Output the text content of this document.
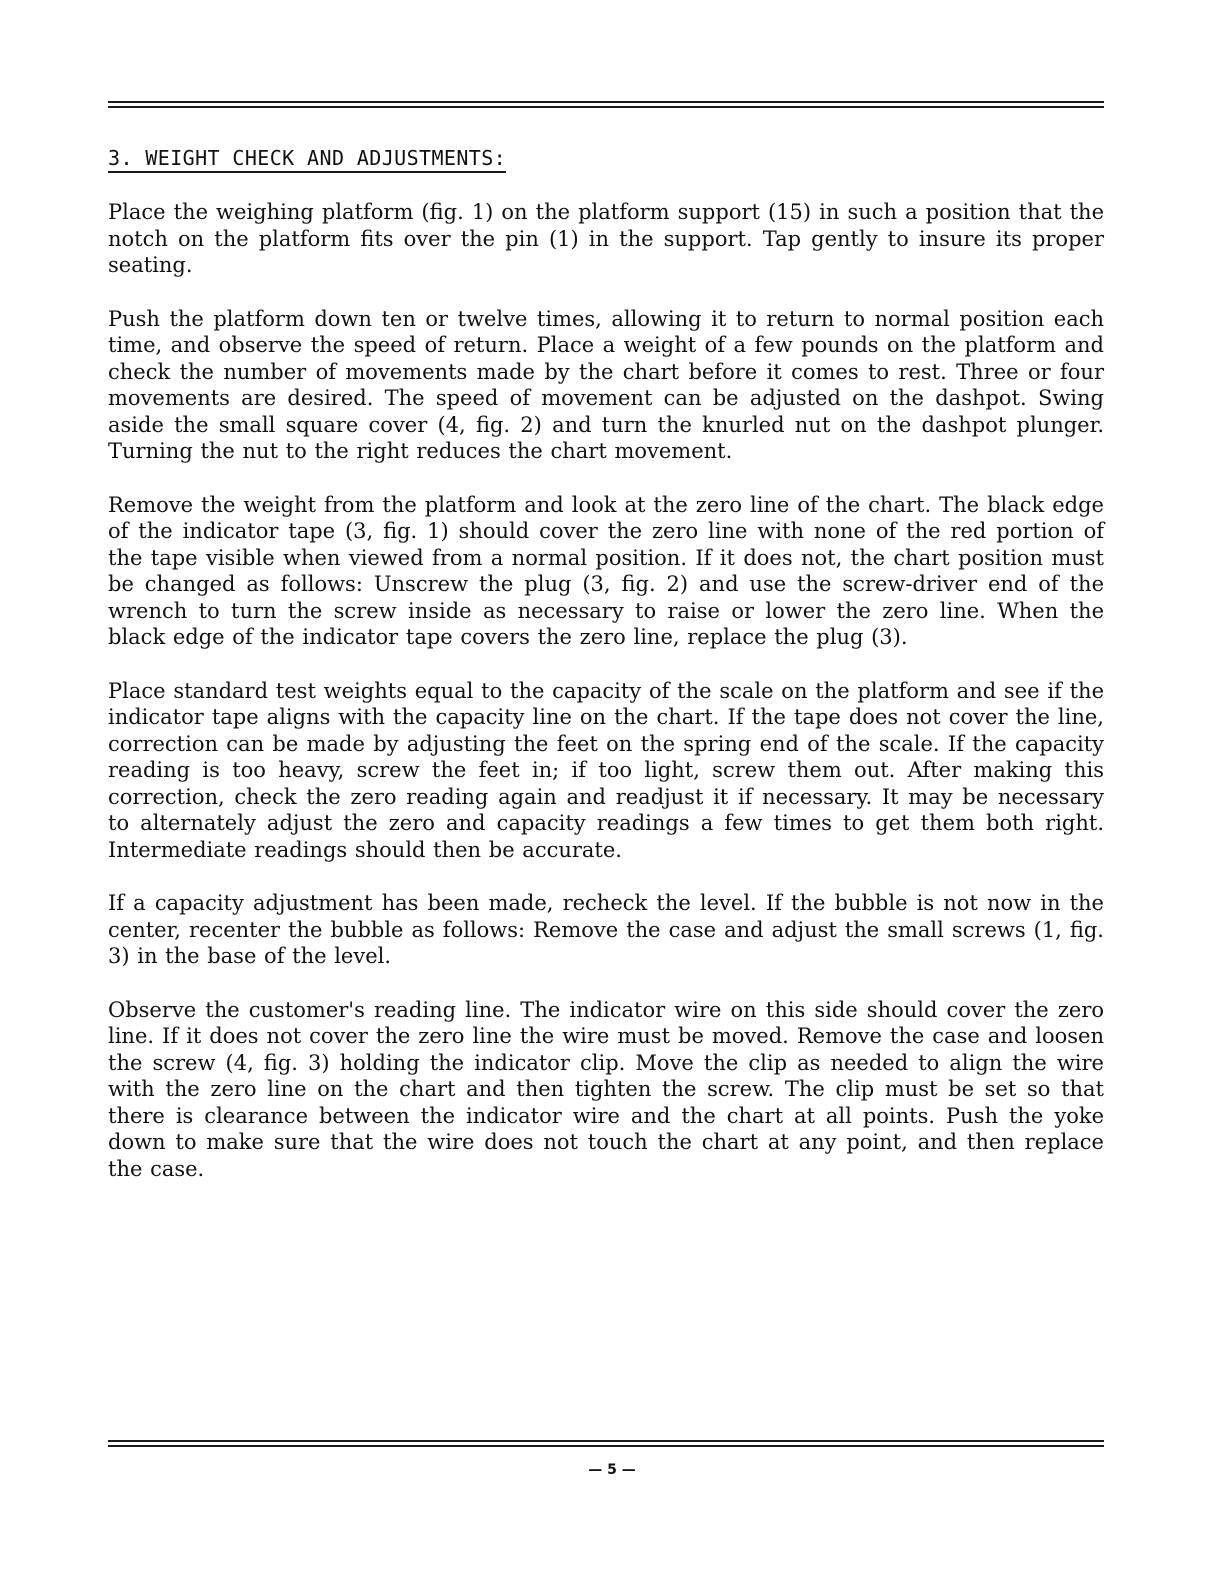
3. WEIGHT CHECK AND ADJUSTMENTS:

Place the weighing platform (fig. 1) on the platform support (15) in such a position that the notch on the platform fits over the pin (1) in the support. Tap gently to insure its proper seating.

Push the platform down ten or twelve times, allowing it to return to normal position each time, and observe the speed of return. Place a weight of a few pounds on the platform and check the number of movements made by the chart before it comes to rest. Three or four movements are desired. The speed of movement can be adjusted on the dashpot. Swing aside the small square cover (4, fig. 2) and turn the knurled nut on the dashpot plunger. Turning the nut to the right reduces the chart movement.

Remove the weight from the platform and look at the zero line of the chart. The black edge of the indicator tape (3, fig. 1) should cover the zero line with none of the red portion of the tape visible when viewed from a normal position. If it does not, the chart position must be changed as follows: Unscrew the plug (3, fig. 2) and use the screw-driver end of the wrench to turn the screw inside as necessary to raise or lower the zero line. When the black edge of the indicator tape covers the zero line, replace the plug (3).

Place standard test weights equal to the capacity of the scale on the platform and see if the indicator tape aligns with the capacity line on the chart. If the tape does not cover the line, correction can be made by adjusting the feet on the spring end of the scale. If the capacity reading is too heavy, screw the feet in; if too light, screw them out. After making this correction, check the zero reading again and readjust it if necessary. It may be necessary to alternately adjust the zero and capacity readings a few times to get them both right. Intermediate readings should then be accurate.

If a capacity adjustment has been made, recheck the level. If the bubble is not now in the center, recenter the bubble as follows: Remove the case and adjust the small screws (1, fig. 3) in the base of the level.

Observe the customer's reading line. The indicator wire on this side should cover the zero line. If it does not cover the zero line the wire must be moved. Remove the case and loosen the screw (4, fig. 3) holding the indicator clip. Move the clip as needed to align the wire with the zero line on the chart and then tighten the screw. The clip must be set so that there is clearance between the indicator wire and the chart at all points. Push the yoke down to make sure that the wire does not touch the chart at any point, and then replace the case.

— 5 —
